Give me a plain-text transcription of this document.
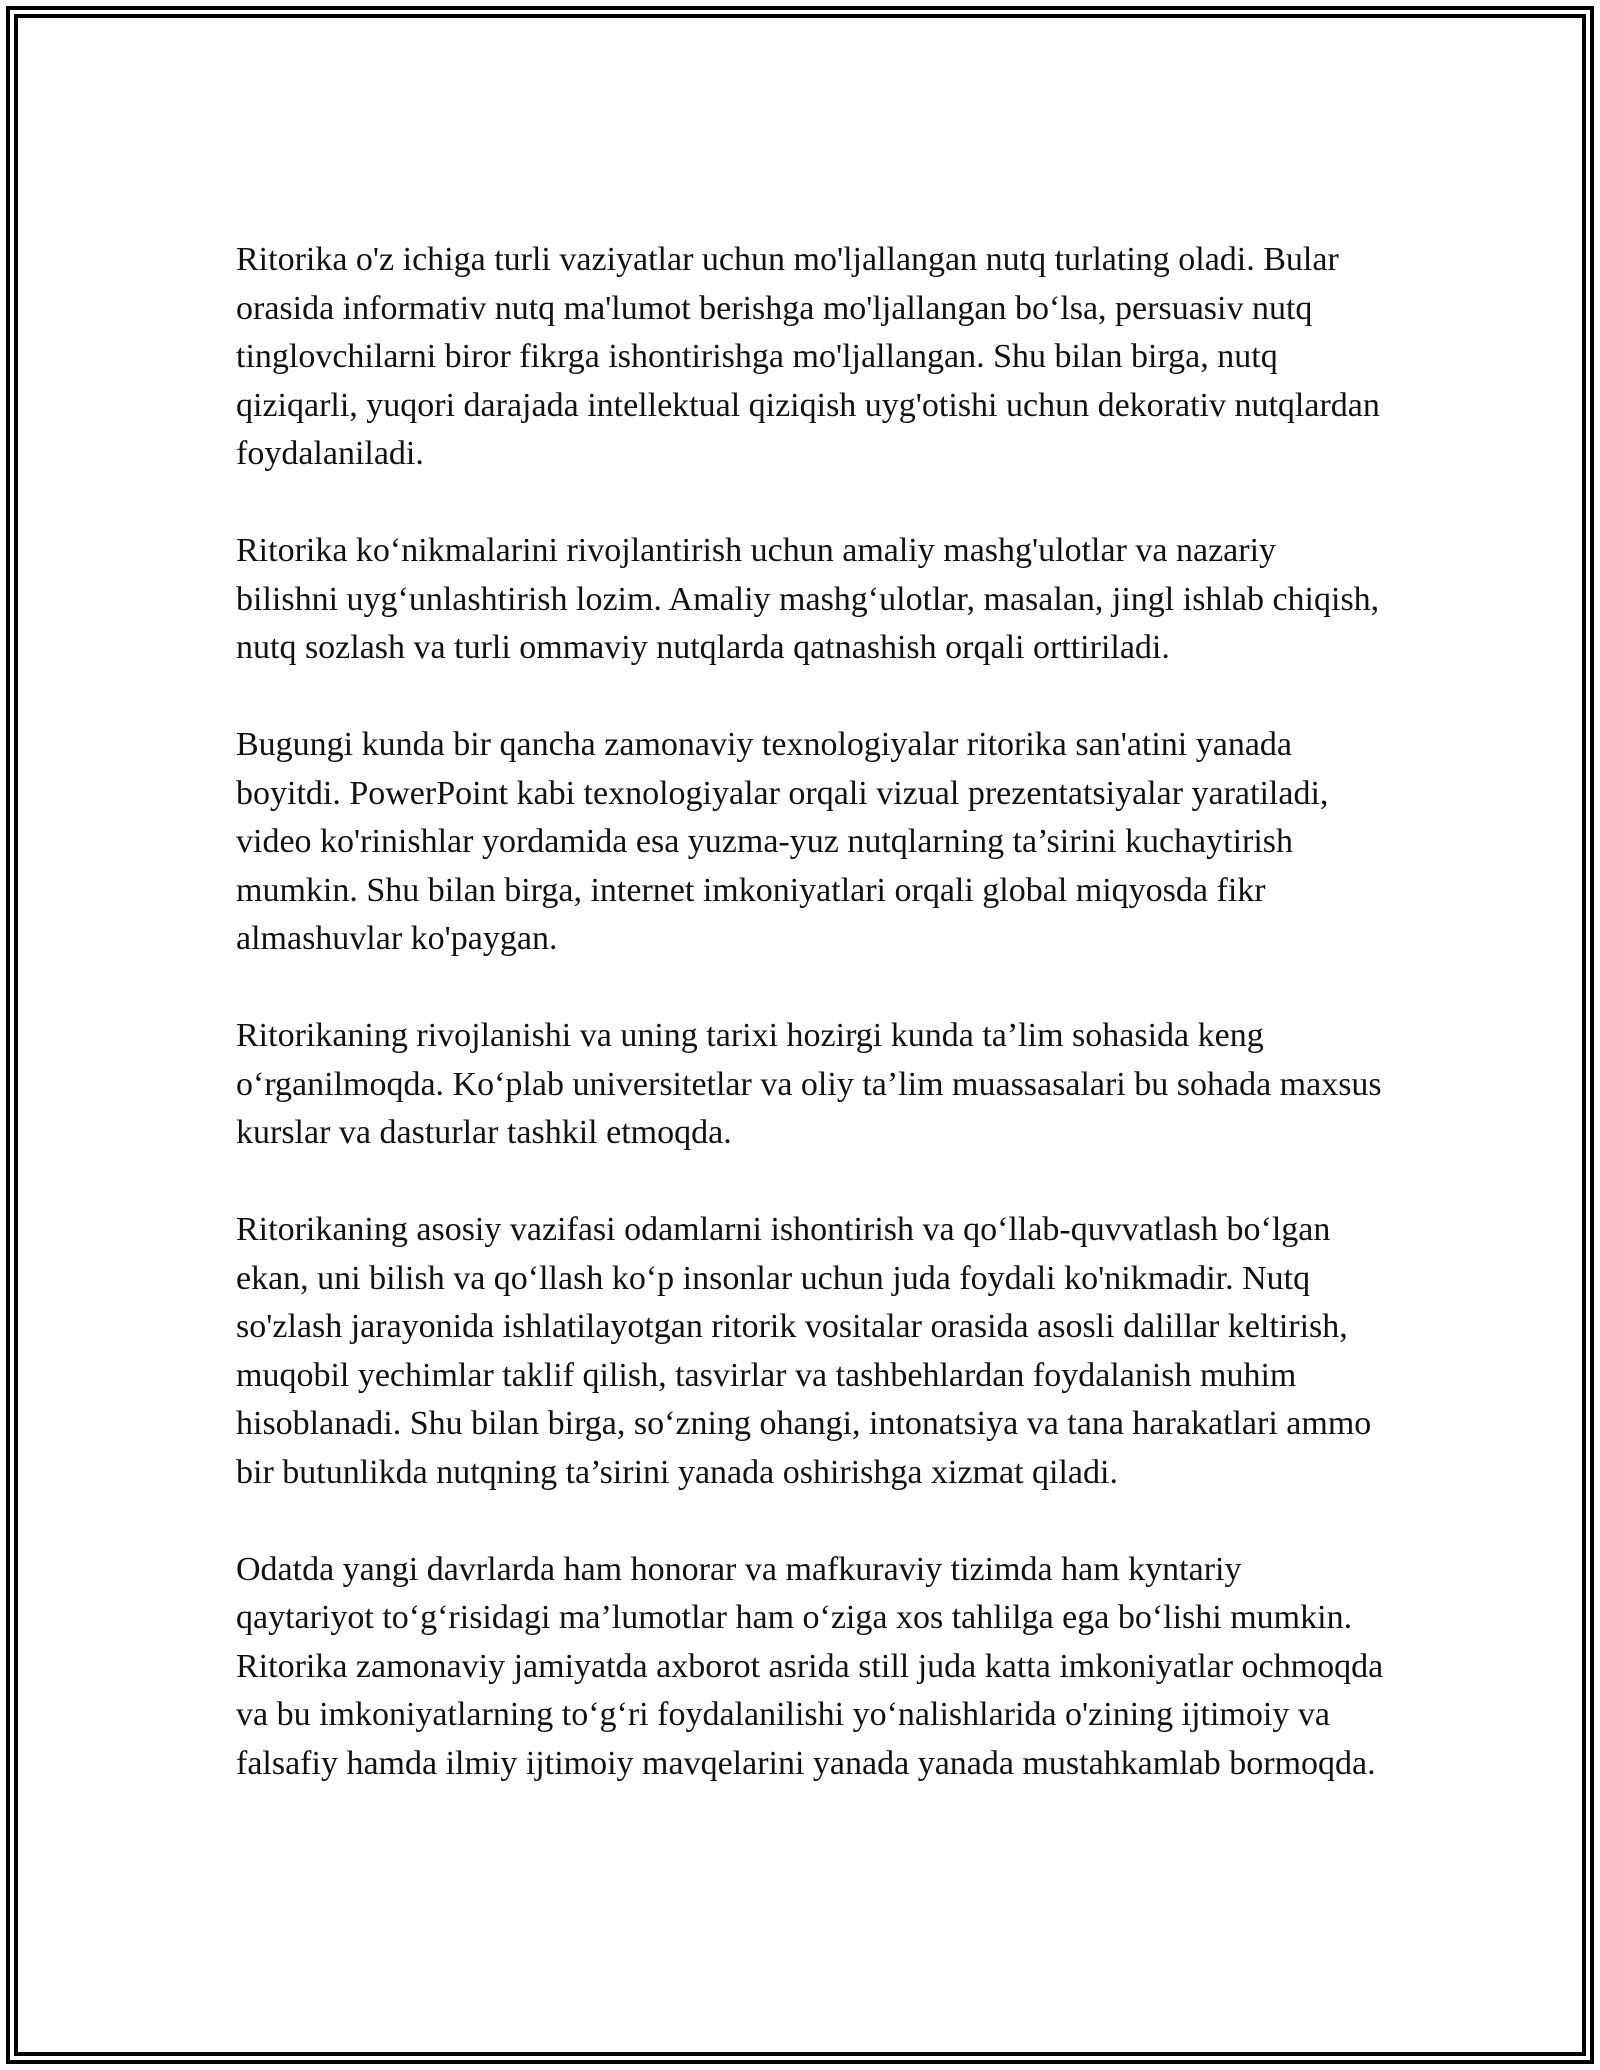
Ritorika o'z ichiga turli vaziyatlar uchun mo'ljallangan nutq turlating oladi. Bular orasida informativ nutq ma'lumot berishga mo'ljallangan bo‘lsa, persuasiv nutq tinglovchilarni biror fikrga ishontirishga mo'ljallangan. Shu bilan birga, nutq qiziqarli, yuqori darajada intellektual qiziqish uyg'otishi uchun dekorativ nutqlardan foydalaniladi.

Ritorika ko‘nikmalarini rivojlantirish uchun amaliy mashg'ulotlar va nazariy bilishni uyg‘unlashtirish lozim. Amaliy mashg‘ulotlar, masalan, jingl ishlab chiqish, nutq sozlash va turli ommaviy nutqlarda qatnashish orqali orttiriladi.

Bugungi kunda bir qancha zamonaviy texnologiyalar ritorika san'atini yanada boyitdi. PowerPoint kabi texnologiyalar orqali vizual prezentatsiyalar yaratiladi, video ko'rinishlar yordamida esa yuzma-yuz nutqlarning ta’sirini kuchaytirish mumkin. Shu bilan birga, internet imkoniyatlari orqali global miqyosda fikr almashuvlar ko'paygan.

Ritorikaning rivojlanishi va uning tarixi hozirgi kunda ta’lim sohasida keng o‘rganilmoqda. Ko‘plab universitetlar va oliy ta’lim muassasalari bu sohada maxsus kurslar va dasturlar tashkil etmoqda.

Ritorikaning asosiy vazifasi odamlarni ishontirish va qo‘llab-quvvatlash bo‘lgan ekan, uni bilish va qo‘llash ko‘p insonlar uchun juda foydali ko'nikmadir. Nutq so'zlash jarayonida ishlatilayotgan ritorik vositalar orasida asosli dalillar keltirish, muqobil yechimlar taklif qilish, tasvirlar va tashbehlardan foydalanish muhim hisoblanadi. Shu bilan birga, so‘zning ohangi, intonatsiya va tana harakatlari ammo bir butunlikda nutqning ta’sirini yanada oshirishga xizmat qiladi.

Odatda yangi davrlarda ham honorar va mafkuraviy tizimda ham kyntariy qaytariyot to‘g‘risidagi ma’lumotlar ham o‘ziga xos tahlilga ega bo‘lishi mumkin. Ritorika zamonaviy jamiyatda axborot asrida still juda katta imkoniyatlar ochmoqda va bu imkoniyatlarning to‘g‘ri foydalanilishi yo‘nalishlarida o'zining ijtimoiy va falsafiy hamda ilmiy ijtimoiy mavqelarini yanada yanada mustahkamlab bormoqda.
